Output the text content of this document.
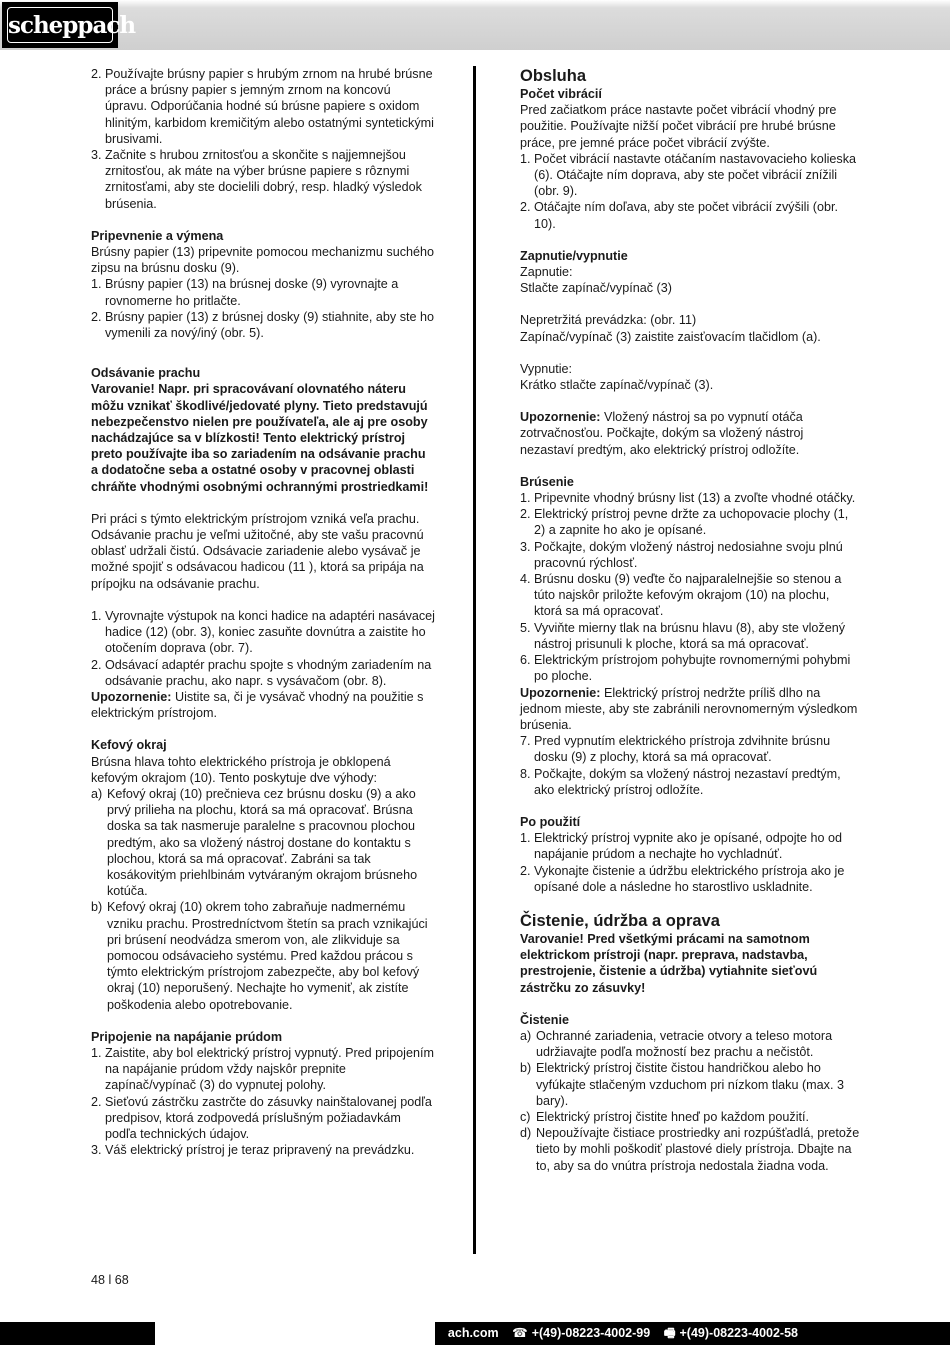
scheppach
2. Používajte brúsny papier s hrubým zrnom na hrubé brúsne práce a brúsny papier s jemným zrnom na koncovú úpravu. Odporúčania hodné sú brúsne papiere s oxidom hlinitým, karbidom kremičitým alebo ostatnými syntetickými brusivami.
3. Začnite s hrubou zrnitosťou a skončite s najjemnejšou zrnitosťou, ak máte na výber brúsne papiere s rôznymi zrnitosťami, aby ste docielili dobrý, resp. hladký výsledok brúsenia.

Pripevnenie a výmena

Brúsny papier (13) pripevnite pomocou mechanizmu suchého zipsu na brúsnu dosku (9).

1. Brúsny papier (13) na brúsnej doske (9) vyrovnajte a rovnomerne ho pritlačte.
2. Brúsny papier (13) z brúsnej dosky (9) stiahnite, aby ste ho vymenili za nový/iný (obr. 5).

Odsávanie prachu

Varovanie! Napr. pri spracovávaní olovnatého náteru môžu vznikať škodlivé/jedovaté plyny. Tieto predstavujú nebezpečenstvo nielen pre používateľa, ale aj pre osoby nachádzajúce sa v blízkosti! Tento elektrický prístroj preto používajte iba so zariadením na odsávanie prachu a dodatočne seba a ostatné osoby v pracovnej oblasti chráňte vhodnými osobnými ochrannými prostriedkami!

Pri práci s týmto elektrickým prístrojom vzniká veľa prachu. Odsávanie prachu je veľmi užitočné, aby ste vašu pracovnú oblasť udržali čistú. Odsávacie zariadenie alebo vysávač je možné spojiť s odsávacou hadicou (11 ), ktorá sa pripája na prípojku na odsávanie prachu.

1. Vyrovnajte výstupok na konci hadice na adaptéri nasávacej hadice (12) (obr. 3), koniec zasuňte dovnútra a zaistite ho otočením doprava (obr. 7).
2. Odsávací adaptér prachu spojte s vhodným zariadením na odsávanie prachu, ako napr. s vysávačom (obr. 8).

Upozornenie: Uistite sa, či je vysávač vhodný na použitie s elektrickým prístrojom.

Kefový okraj

Brúsna hlava tohto elektrického prístroja je obklopená kefovým okrajom (10). Tento poskytuje dve výhody:

a) Kefový okraj (10) prečnieva cez brúsnu dosku (9) a ako prvý prilieha na plochu, ktorá sa má opracovať. Brúsna doska sa tak nasmeruje paralelne s pracovnou plochou predtým, ako sa vložený nástroj dostane do kontaktu s plochou, ktorá sa má opracovať. Zabráni sa tak kosákovitým priehlbinám vytváraným okrajom brúsneho kotúča.
b) Kefový okraj (10) okrem toho zabraňuje nadmernému vzniku prachu. Prostredníctvom štetín sa prach vznikajúci pri brúsení neodvádza smerom von, ale zlikviduje sa pomocou odsávacieho systému. Pred každou prácou s týmto elektrickým prístrojom zabezpečte, aby bol kefový okraj (10) neporušený. Nechajte ho vymeniť, ak zistíte poškodenia alebo opotrebovanie.

Pripojenie na napájanie prúdom

1. Zaistite, aby bol elektrický prístroj vypnutý. Pred pripojením na napájanie prúdom vždy najskôr prepnite zapínač/vypínač (3) do vypnutej polohy.
2. Sieťovú zástrčku zastrčte do zásuvky nainštalovanej podľa predpisov, ktorá zodpovedá príslušným požiadavkám podľa technických údajov.
3. Váš elektrický prístroj je teraz pripravený na prevádzku.

Obsluha

Počet vibrácií

Pred začiatkom práce nastavte počet vibrácií vhodný pre použitie. Používajte nižší počet vibrácií pre hrubé brúsne práce, pre jemné práce počet vibrácií zvýšte.

1. Počet vibrácií nastavte otáčaním nastavovacieho kolieska (6). Otáčajte ním doprava, aby ste počet vibrácií znížili (obr. 9).
2. Otáčajte ním doľava, aby ste počet vibrácií zvýšili (obr. 10).

Zapnutie/vypnutie

Zapnutie:

Stlačte zapínač/vypínač (3)

Nepretržitá prevádzka: (obr. 11)

Zapínač/vypínač (3) zaistite zaisťovacím tlačidlom (a).

Vypnutie:

Krátko stlačte zapínač/vypínač (3).

Upozornenie: Vložený nástroj sa po vypnutí otáča zotrvačnosťou. Počkajte, dokým sa vložený nástroj nezastaví predtým, ako elektrický prístroj odložíte.

Brúsenie

1. Pripevnite vhodný brúsny list (13) a zvoľte vhodné otáčky.
2. Elektrický prístroj pevne držte za uchopovacie plochy (1, 2) a zapnite ho ako je opísané.
3. Počkajte, dokým vložený nástroj nedosiahne svoju plnú pracovnú rýchlosť.
4. Brúsnu dosku (9) veďte čo najparalelnejšie so stenou a túto najskôr priložte kefovým okrajom (10) na plochu, ktorá sa má opracovať.
5. Vyviňte mierny tlak na brúsnu hlavu (8), aby ste vložený nástroj prisunuli k ploche, ktorá sa má opracovať.
6. Elektrickým prístrojom pohybujte rovnomernými pohybmi po ploche.

Upozornenie: Elektrický prístroj nedržte príliš dlho na jednom mieste, aby ste zabránili nerovnomerným výsledkom brúsenia.

7. Pred vypnutím elektrického prístroja zdvihnite brúsnu dosku (9) z plochy, ktorá sa má opracovať.
8. Počkajte, dokým sa vložený nástroj nezastaví predtým, ako elektrický prístroj odložíte.

Po použití

1. Elektrický prístroj vypnite ako je opísané, odpojte ho od napájanie prúdom a nechajte ho vychladnúť.
2. Vykonajte čistenie a údržbu elektrického prístroja ako je opísané dole a následne ho starostlivo uskladnite.

Čistenie, údržba a oprava

Varovanie! Pred všetkými prácami na samotnom elektrickom prístroji (napr. preprava, nadstavba, prestrojenie, čistenie a údržba) vytiahnite sieťovú zástrčku zo zásuvky!

Čistenie

a) Ochranné zariadenia, vetracie otvory a teleso motora udržiavajte podľa možností bez prachu a nečistôt.
b) Elektrický prístroj čistite čistou handričkou alebo ho vyfúkajte stlačeným vzduchom pri nízkom tlaku (max. 3 bary).
c) Elektrický prístroj čistite hneď po každom použití.
d) Nepoužívajte čistiace prostriedky ani rozpúšťadlá, pretože tieto by mohli poškodiť plastové diely prístroja. Dbajte na to, aby sa do vnútra prístroja nedostala žiadna voda.
48 l 68
ach.com ☎ +(49)-08223-4002-99 🖷 +(49)-08223-4002-58
